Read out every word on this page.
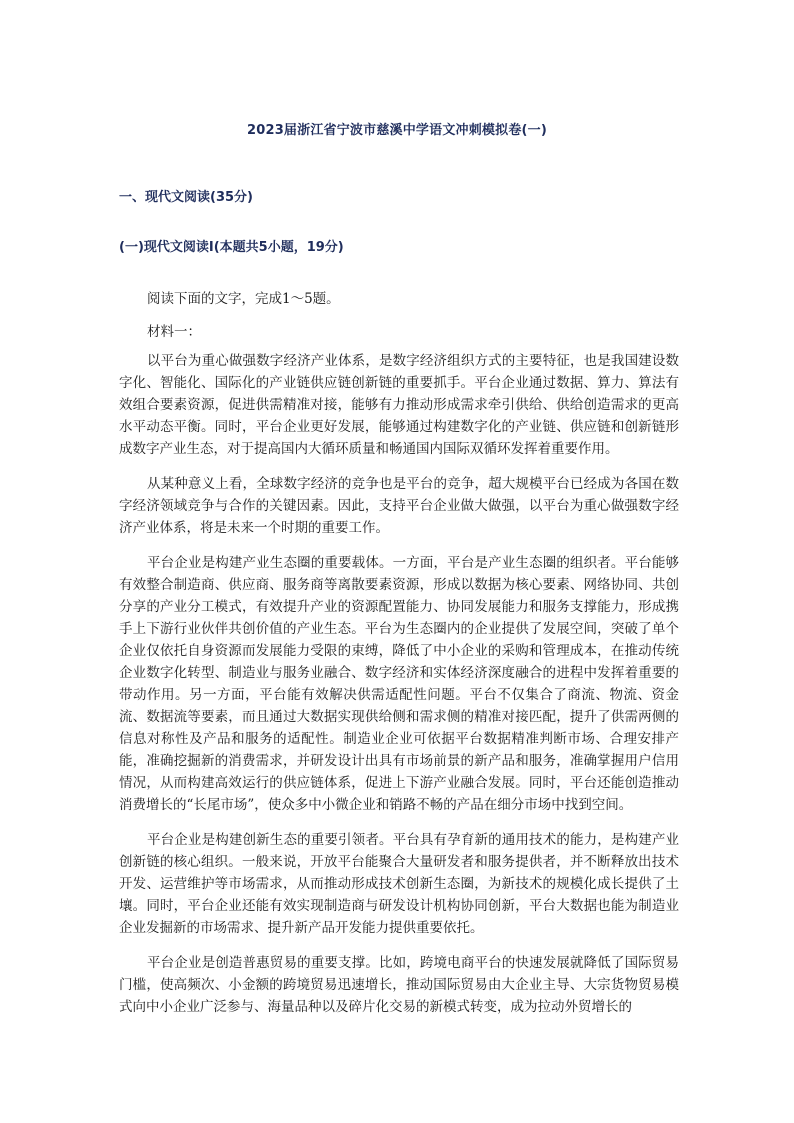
2023届浙江省宁波市慈溪中学语文冲刺模拟卷(一)
一、现代文阅读(35分)
(一)现代文阅读Ⅰ(本题共5小题，19分)

阅读下面的文字，完成1～5题。

材料一：

以平台为重心做强数字经济产业体系，是数字经济组织方式的主要特征，也是我国建设数字化、智能化、国际化的产业链供应链创新链的重要抓手。平台企业通过数据、算力、算法有效组合要素资源，促进供需精准对接，能够有力推动形成需求牵引供给、供给创造需求的更高水平动态平衡。同时，平台企业更好发展，能够通过构建数字化的产业链、供应链和创新链形成数字产业生态，对于提高国内大循环质量和畅通国内国际双循环发挥着重要作用。

从某种意义上看，全球数字经济的竞争也是平台的竞争，超大规模平台已经成为各国在数字经济领域竞争与合作的关键因素。因此，支持平台企业做大做强，以平台为重心做强数字经济产业体系，将是未来一个时期的重要工作。

平台企业是构建产业生态圈的重要载体。一方面，平台是产业生态圈的组织者。平台能够有效整合制造商、供应商、服务商等离散要素资源，形成以数据为核心要素、网络协同、共创分享的产业分工模式，有效提升产业的资源配置能力、协同发展能力和服务支撑能力，形成携手上下游行业伙伴共创价值的产业生态。平台为生态圈内的企业提供了发展空间，突破了单个企业仅依托自身资源而发展能力受限的束缚，降低了中小企业的采购和管理成本，在推动传统企业数字化转型、制造业与服务业融合、数字经济和实体经济深度融合的进程中发挥着重要的带动作用。另一方面，平台能有效解决供需适配性问题。平台不仅集合了商流、物流、资金流、数据流等要素，而且通过大数据实现供给侧和需求侧的精准对接匹配，提升了供需两侧的信息对称性及产品和服务的适配性。制造业企业可依据平台数据精准判断市场、合理安排产能，准确挖掘新的消费需求，并研发设计出具有市场前景的新产品和服务，准确掌握用户信用情况，从而构建高效运行的供应链体系，促进上下游产业融合发展。同时，平台还能创造推动消费增长的“长尾市场”，使众多中小微企业和销路不畅的产品在细分市场中找到空间。

平台企业是构建创新生态的重要引领者。平台具有孕育新的通用技术的能力，是构建产业创新链的核心组织。一般来说，开放平台能聚合大量研发者和服务提供者，并不断释放出技术开发、运营维护等市场需求，从而推动形成技术创新生态圈，为新技术的规模化成长提供了土壤。同时，平台企业还能有效实现制造商与研发设计机构协同创新，平台大数据也能为制造业企业发掘新的市场需求、提升新产品开发能力提供重要依托。

平台企业是创造普惠贸易的重要支撑。比如，跨境电商平台的快速发展就降低了国际贸易门槛，使高频次、小金额的跨境贸易迅速增长，推动国际贸易由大企业主导、大宗货物贸易模式向中小企业广泛参与、海量品种以及碎片化交易的新模式转变，成为拉动外贸增长的
